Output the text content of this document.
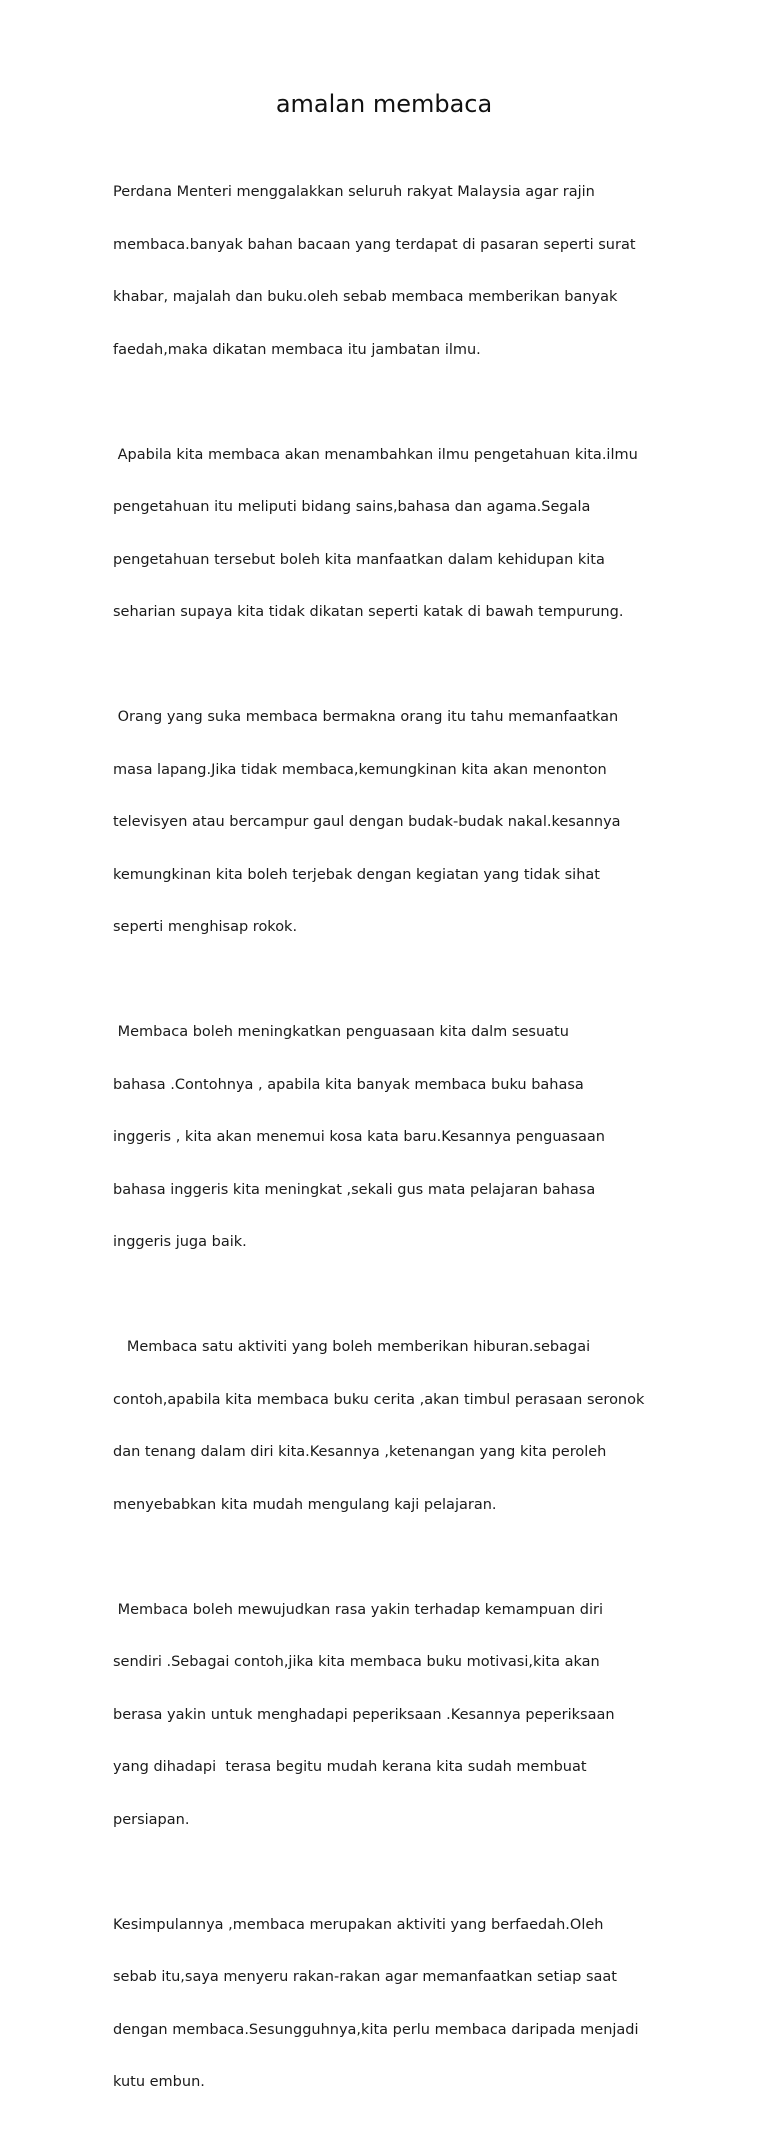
amalan membaca

Perdana Menteri menggalakkan seluruh rakyat Malaysia agar rajin

membaca.banyak bahan bacaan yang terdapat di pasaran seperti surat

khabar, majalah dan buku.oleh sebab membaca memberikan banyak

faedah,maka dikatan membaca itu jambatan ilmu.

Apabila kita membaca akan menambahkan ilmu pengetahuan kita.ilmu

pengetahuan itu meliputi bidang sains,bahasa dan agama.Segala

pengetahuan tersebut boleh kita manfaatkan dalam kehidupan kita

seharian supaya kita tidak dikatan seperti katak di bawah tempurung.

Orang yang suka membaca bermakna orang itu tahu memanfaatkan

masa lapang.Jika tidak membaca,kemungkinan kita akan menonton

televisyen atau bercampur gaul dengan budak-budak nakal.kesannya

kemungkinan kita boleh terjebak dengan kegiatan yang tidak sihat

seperti menghisap rokok.

Membaca boleh meningkatkan penguasaan kita dalm sesuatu

bahasa .Contohnya , apabila kita banyak membaca buku bahasa

inggeris , kita akan menemui kosa kata baru.Kesannya penguasaan

bahasa inggeris kita meningkat ,sekali gus mata pelajaran bahasa

inggeris juga baik.

Membaca satu aktiviti yang boleh memberikan hiburan.sebagai

contoh,apabila kita membaca buku cerita ,akan timbul perasaan seronok

dan tenang dalam diri kita.Kesannya ,ketenangan yang kita peroleh

menyebabkan kita mudah mengulang kaji pelajaran.

Membaca boleh mewujudkan rasa yakin terhadap kemampuan diri

sendiri .Sebagai contoh,jika kita membaca buku motivasi,kita akan

berasa yakin untuk menghadapi peperiksaan .Kesannya peperiksaan

yang dihadapi  terasa begitu mudah kerana kita sudah membuat

persiapan.

Kesimpulannya ,membaca merupakan aktiviti yang berfaedah.Oleh

sebab itu,saya menyeru rakan-rakan agar memanfaatkan setiap saat

dengan membaca.Sesungguhnya,kita perlu membaca daripada menjadi

kutu embun.
